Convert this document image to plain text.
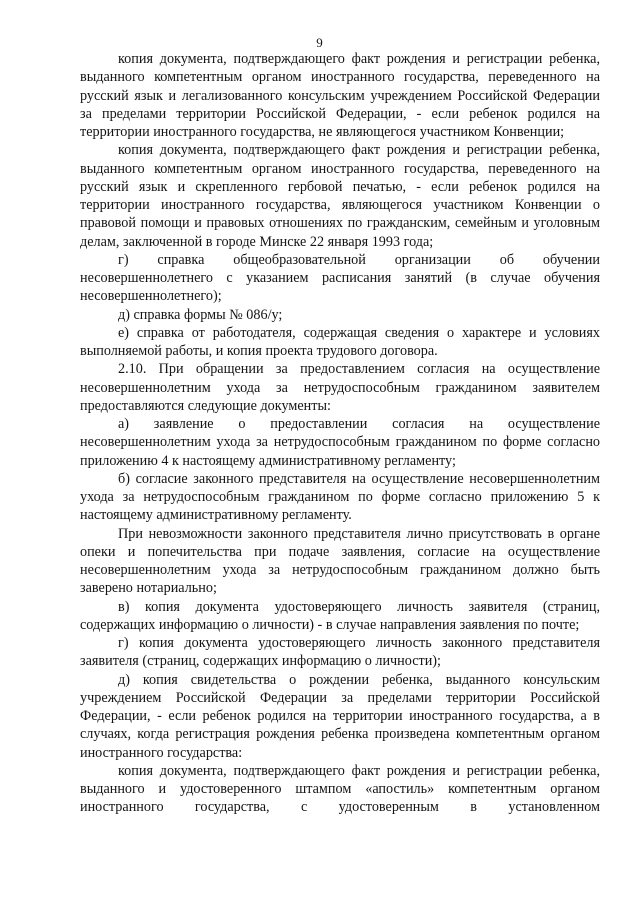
9

копия документа, подтверждающего факт рождения и регистрации ребенка, выданного компетентным органом иностранного государства, переведенного на русский язык и легализованного консульским учреждением Российской Федерации за пределами территории Российской Федерации, - если ребенок родился на территории иностранного государства, не являющегося участником Конвенции;

копия документа, подтверждающего факт рождения и регистрации ребенка, выданного компетентным органом иностранного государства, переведенного на русский язык и скрепленного гербовой печатью, - если ребенок родился на территории иностранного государства, являющегося участником Конвенции о правовой помощи и правовых отношениях по гражданским, семейным и уголовным делам, заключенной в городе Минске 22 января 1993 года;

г) справка общеобразовательной организации об обучении несовершеннолетнего с указанием расписания занятий (в случае обучения несовершеннолетнего);

д) справка формы № 086/у;

е) справка от работодателя, содержащая сведения о характере и условиях выполняемой работы, и копия проекта трудового договора.

2.10. При обращении за предоставлением согласия на осуществление несовершеннолетним ухода за нетрудоспособным гражданином заявителем предоставляются следующие документы:

а) заявление о предоставлении согласия на осуществление несовершеннолетним ухода за нетрудоспособным гражданином по форме согласно приложению 4 к настоящему административному регламенту;

б) согласие законного представителя на осуществление несовершеннолетним ухода за нетрудоспособным гражданином по форме согласно приложению 5 к настоящему административному регламенту.

При невозможности законного представителя лично присутствовать в органе опеки и попечительства при подаче заявления, согласие на осуществление несовершеннолетним ухода за нетрудоспособным гражданином должно быть заверено нотариально;

в) копия документа удостоверяющего личность заявителя (страниц, содержащих информацию о личности) - в случае направления заявления по почте;

г) копия документа удостоверяющего личность законного представителя заявителя (страниц, содержащих информацию о личности);

д) копия свидетельства о рождении ребенка, выданного консульским учреждением Российской Федерации за пределами территории Российской Федерации, - если ребенок родился на территории иностранного государства, а в случаях, когда регистрация рождения ребенка произведена компетентным органом иностранного государства:

копия документа, подтверждающего факт рождения и регистрации ребенка, выданного и удостоверенного штампом «апостиль» компетентным органом иностранного государства, с удостоверенным в установленном
